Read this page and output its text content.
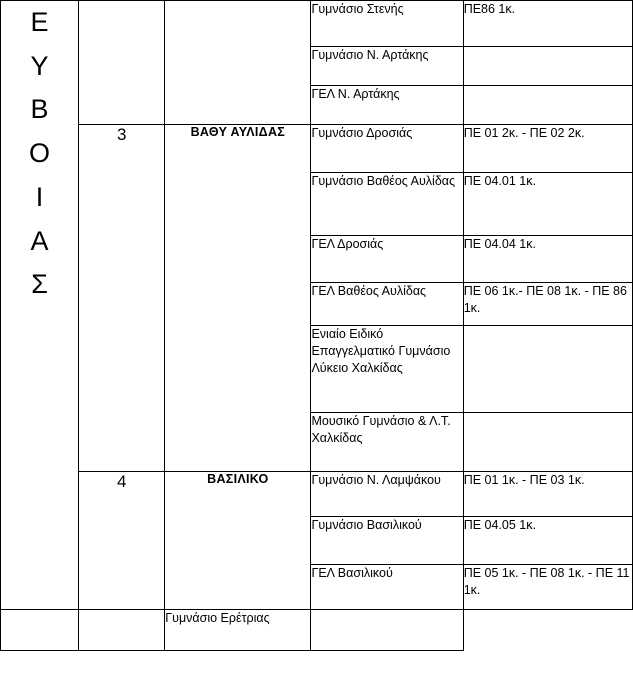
Ε
Υ
Β
Ο
Ι
Α
Σ
			Γυμνάσιο Στενής	ΠΕ86 1κ.
			Γυμνάσιο Ν. Αρτάκης	
			ΓΕΛ Ν. Αρτάκης	
	3	ΒΑΘΥ ΑΥΛΙΔΑΣ	Γυμνάσιο Δροσιάς	ΠΕ 01 2κ. - ΠΕ 02 2κ.
			Γυμνάσιο Βαθέος Αυλίδας	ΠΕ 04.01 1κ.
			ΓΕΛ Δροσιάς	ΠΕ 04.04 1κ.
			ΓΕΛ Βαθέος Αυλίδας	ΠΕ 06 1κ.- ΠΕ 08 1κ. - ΠΕ 86 1κ.
			Ενιαίο Ειδικό Επαγγελματικό Γυμνάσιο Λύκειο Χαλκίδας	
			Μουσικό Γυμνάσιο & Λ.Τ. Χαλκίδας	
	4	ΒΑΣΙΛΙΚΟ	Γυμνάσιο Ν. Λαμψάκου	ΠΕ 01 1κ. - ΠΕ 03 1κ.
			Γυμνάσιο Βασιλικού	ΠΕ 04.05 1κ.
			ΓΕΛ Βασιλικού	ΠΕ 05 1κ. - ΠΕ 08 1κ. - ΠΕ 11 1κ.
		Γυμνάσιο Ερέτριας		
